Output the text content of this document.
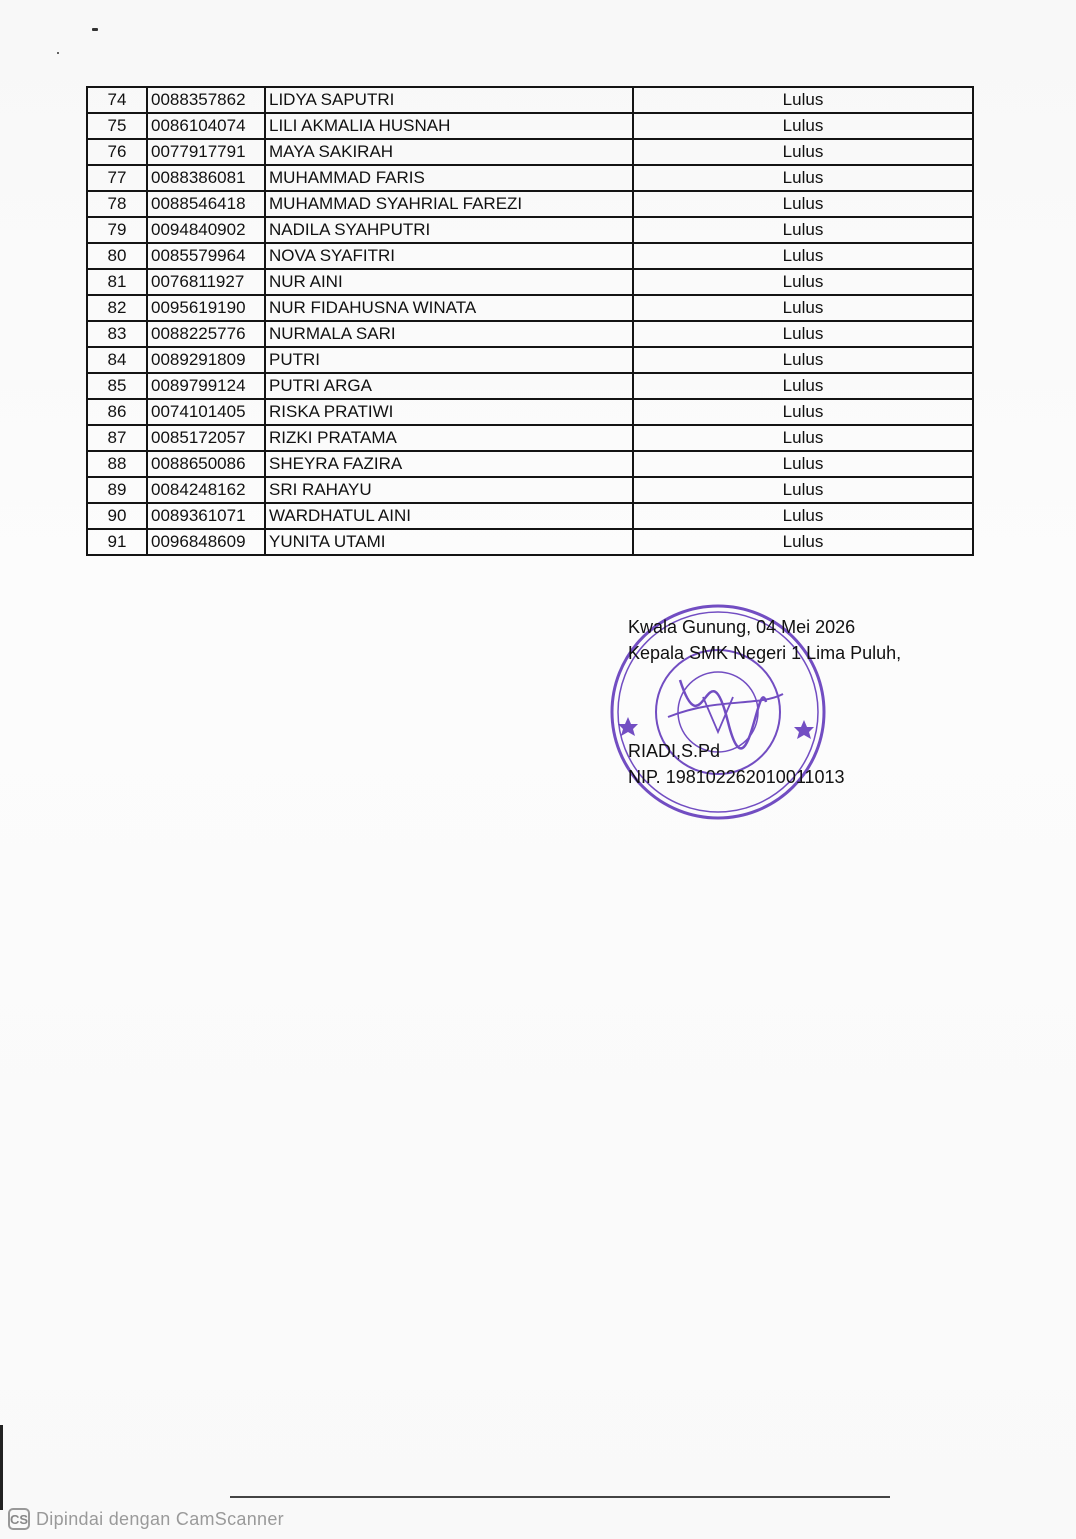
74	0088357862	LIDYA SAPUTRI	Lulus
75	0086104074	LILI AKMALIA HUSNAH	Lulus
76	0077917791	MAYA SAKIRAH	Lulus
77	0088386081	MUHAMMAD FARIS	Lulus
78	0088546418	MUHAMMAD SYAHRIAL FAREZI	Lulus
79	0094840902	NADILA SYAHPUTRI	Lulus
80	0085579964	NOVA SYAFITRI	Lulus
81	0076811927	NUR AINI	Lulus
82	0095619190	NUR FIDAHUSNA WINATA	Lulus
83	0088225776	NURMALA SARI	Lulus
84	0089291809	PUTRI	Lulus
85	0089799124	PUTRI ARGA	Lulus
86	0074101405	RISKA PRATIWI	Lulus
87	0085172057	RIZKI PRATAMA	Lulus
88	0088650086	SHEYRA FAZIRA	Lulus
89	0084248162	SRI RAHAYU	Lulus
90	0089361071	WARDHATUL AINI	Lulus
91	0096848609	YUNITA UTAMI	Lulus
Kwala Gunung, 04 Mei 2026
Kepala SMK Negeri 1 Lima Puluh,
RIADI,S.Pd
NIP. 198102262010011013
CS Dipindai dengan CamScanner
